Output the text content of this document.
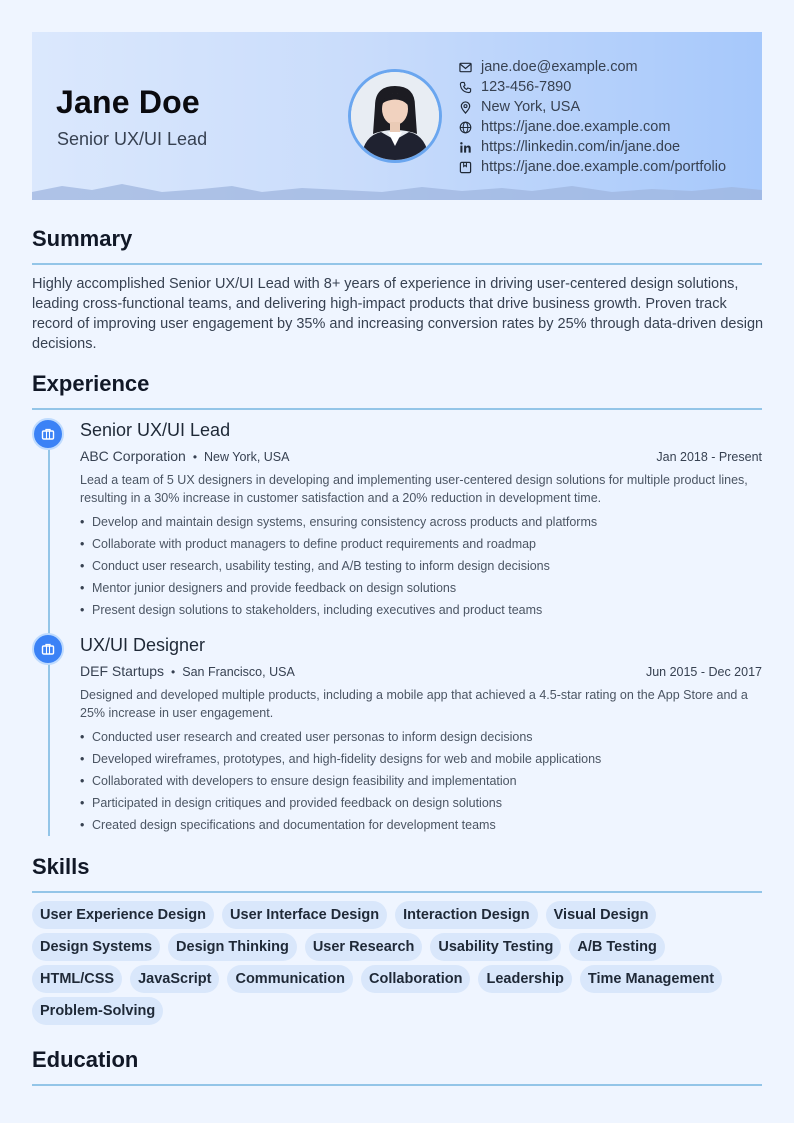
Jane Doe
Senior UX/UI Lead
jane.doe@example.com
123-456-7890
New York, USA
https://jane.doe.example.com
https://linkedin.com/in/jane.doe
https://jane.doe.example.com/portfolio
Summary
Highly accomplished Senior UX/UI Lead with 8+ years of experience in driving user-centered design solutions, leading cross-functional teams, and delivering high-impact products that drive business growth. Proven track record of improving user engagement by 35% and increasing conversion rates by 25% through data-driven design decisions.
Experience
Senior UX/UI Lead
ABC Corporation • New York, USA	Jan 2018 - Present
Lead a team of 5 UX designers in developing and implementing user-centered design solutions for multiple product lines, resulting in a 30% increase in customer satisfaction and a 20% reduction in development time.
• Develop and maintain design systems, ensuring consistency across products and platforms
• Collaborate with product managers to define product requirements and roadmap
• Conduct user research, usability testing, and A/B testing to inform design decisions
• Mentor junior designers and provide feedback on design solutions
• Present design solutions to stakeholders, including executives and product teams
UX/UI Designer
DEF Startups • San Francisco, USA	Jun 2015 - Dec 2017
Designed and developed multiple products, including a mobile app that achieved a 4.5-star rating on the App Store and a 25% increase in user engagement.
• Conducted user research and created user personas to inform design decisions
• Developed wireframes, prototypes, and high-fidelity designs for web and mobile applications
• Collaborated with developers to ensure design feasibility and implementation
• Participated in design critiques and provided feedback on design solutions
• Created design specifications and documentation for development teams
Skills
User Experience Design	User Interface Design	Interaction Design	Visual Design
Design Systems	Design Thinking	User Research	Usability Testing	A/B Testing
HTML/CSS	JavaScript	Communication	Collaboration	Leadership	Time Management
Problem-Solving
Education
